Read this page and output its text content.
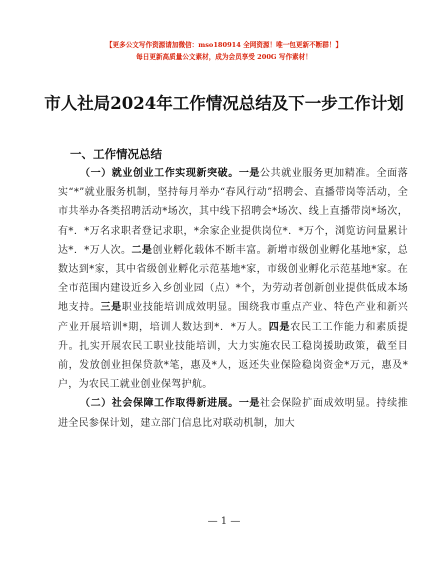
【更多公文写作资源请加微信：mso180914 全网资源！唯一包更新不断群！】
每日更新高质量公文素材，成为会员享受 200G 写作素材！
市人社局2024年工作情况总结及下一步工作计划
一、工作情况总结

（一）就业创业工作实现新突破。一是公共就业服务更加精准。全面落实“*”就业服务机制，坚持每月举办“春风行动”招聘会、直播带岗等活动，全市共举办各类招聘活动*场次，其中线下招聘会*场次、线上直播带岗*场次，有*．*万名求职者登记求职，*余家企业提供岗位*．*万个，浏览访问量累计达*．*万人次。二是创业孵化载体不断丰富。新增市级创业孵化基地*家，总数达到*家，其中省级创业孵化示范基地*家，市级创业孵化示范基地*家。在全市范围内建设近乡入乡创业园（点）*个，为劳动者创新创业提供低成本场地支持。三是职业技能培训成效明显。围绕我市重点产业、特色产业和新兴产业开展培训*期，培训人数达到*．*万人。四是农民工工作能力和素质提升。扎实开展农民工职业技能培训，大力实施农民工稳岗援助政策，截至目前，发放创业担保贷款*笔，惠及*人，返还失业保险稳岗资金*万元，惠及*户，为农民工就业创业保驾护航。

（二）社会保障工作取得新进展。一是社会保险扩面成效明显。持续推进全民参保计划，建立部门信息比对联动机制，加大

— 1 —
